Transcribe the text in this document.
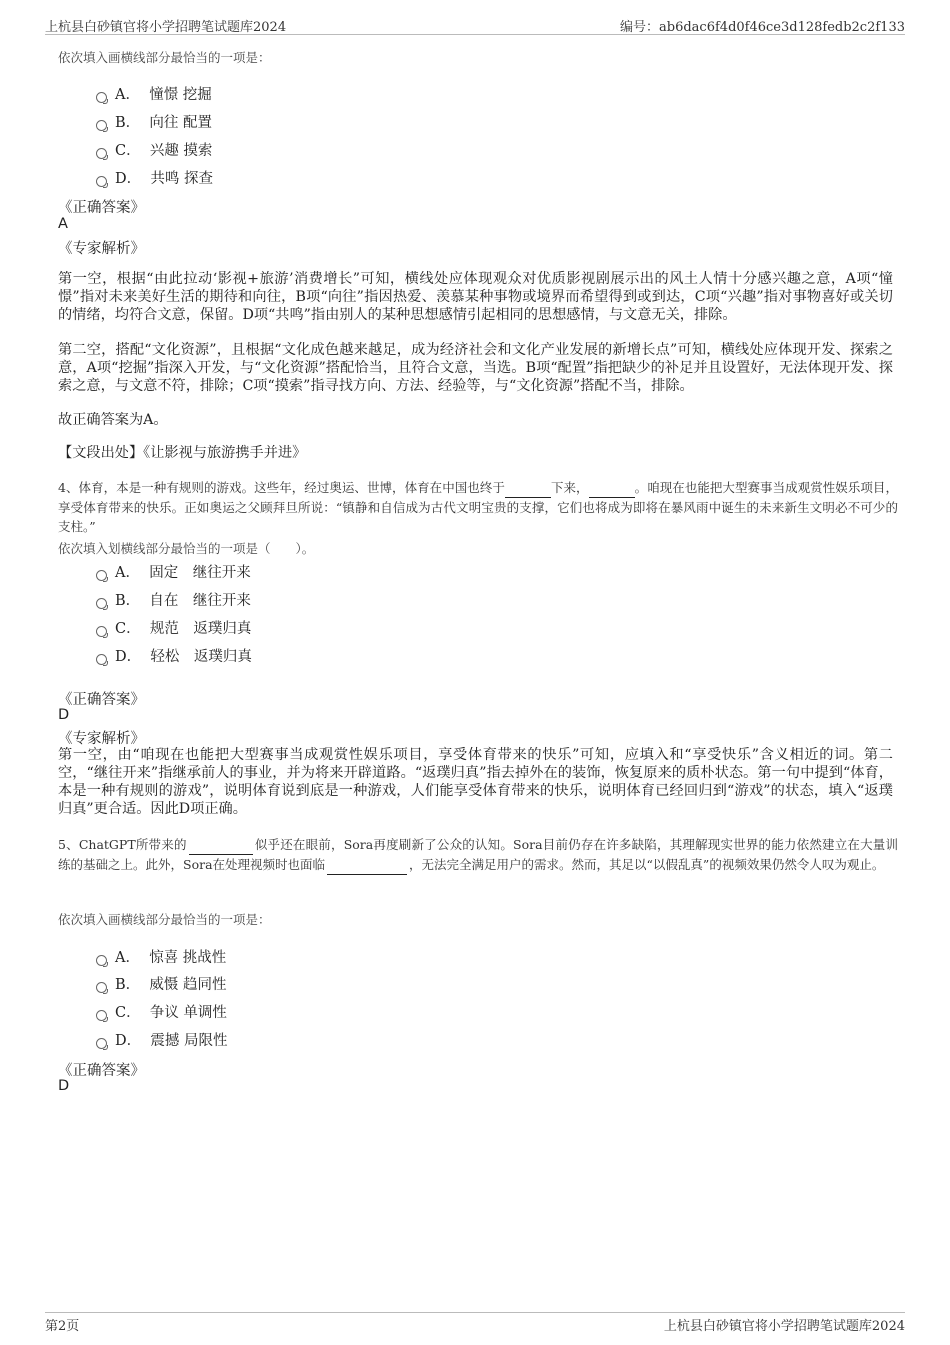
上杭县白砂镇官将小学招聘笔试题库2024	编号：ab6dac6f4d0f46ce3d128fedb2c2f133
依次填入画横线部分最恰当的一项是：
A． 憧憬 挖掘
B． 向往 配置
C． 兴趣 摸索
D． 共鸣 探查
《正确答案》
A
《专家解析》
第一空，根据“由此拉动‘影视+旅游’消费增长”可知，横线处应体现观众对优质影视剧展示出的风土人情十分感兴趣之意，A项“憧憬”指对未来美好生活的期待和向往，B项“向往”指因热爱、羡慕某种事物或境界而希望得到或到达，C项“兴趣”指对事物喜好或关切的情绪，均符合文意，保留。D项“共鸣”指由别人的某种思想感情引起相同的思想感情，与文意无关，排除。
第二空，搭配“文化资源”，且根据“文化成色越来越足，成为经济社会和文化产业发展的新增长点”可知，横线处应体现开发、探索之意，A项“挖掘”指深入开发，与“文化资源”搭配恰当，且符合文意，当选。B项“配置”指把缺少的补足并且设置好，无法体现开发、探索之意，与文意不符，排除；C项“摸索”指寻找方向、方法、经验等，与“文化资源”搭配不当，排除。
故正确答案为A。
【文段出处】《让影视与旅游携手并进》
4、体育，本是一种有规则的游戏。这些年，经过奥运、世博，体育在中国也终于	下来，	。咱现在也能把大型赛事当成观赏性娱乐项目，享受体育带来的快乐。正如奥运之父顾拜旦所说：“镇静和自信成为古代文明宝贵的支撑，它们也将成为即将在暴风雨中诞生的未来新生文明必不可少的支柱。”
依次填入划横线部分最恰当的一项是（　　）。
A． 固定　继往开来
B． 自在　继往开来
C． 规范　返璞归真
D． 轻松　返璞归真
《正确答案》
D
《专家解析》
第一空，由“咱现在也能把大型赛事当成观赏性娱乐项目，享受体育带来的快乐”可知，应填入和“享受快乐”含义相近的词。第二空，“继往开来”指继承前人的事业，并为将来开辟道路。“返璞归真”指去掉外在的装饰，恢复原来的质朴状态。第一句中提到“体育，本是一种有规则的游戏”，说明体育说到底是一种游戏，人们能享受体育带来的快乐，说明体育已经回归到“游戏”的状态，填入“返璞归真”更合适。因此D项正确。
5、ChatGPT所带来的	似乎还在眼前，Sora再度刷新了公众的认知。Sora目前仍存在许多缺陷，其理解现实世界的能力依然建立在大量训练的基础之上。此外，Sora在处理视频时也面临	，无法完全满足用户的需求。然而，其足以“以假乱真”的视频效果仍然令人叹为观止。
依次填入画横线部分最恰当的一项是：
A． 惊喜 挑战性
B． 威慑 趋同性
C． 争议 单调性
D． 震撼 局限性
《正确答案》
D
第2页	上杭县白砂镇官将小学招聘笔试题库2024
